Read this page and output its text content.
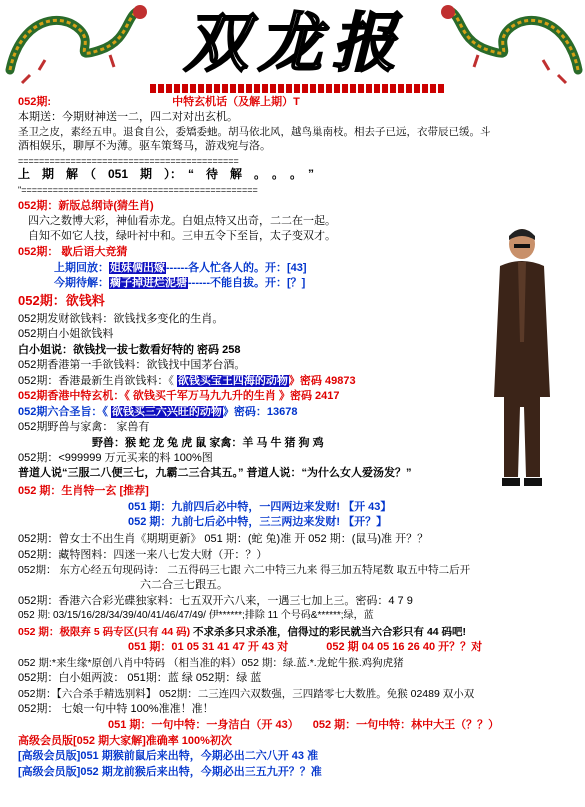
双龙报
052期:	中特玄机话（及解上期）T
本期送：今期财神送一二，四二对对出玄机。
圣卫之皮，素经五申。退食自公，委矯委虵。胡马依北风，越鸟巢南枝。相去子已远，衣带辰已缓。斗
酒相娱乐，聊厚不为薄。驱车策驽马，游戏宛与洛。
==========================================
上　期　解　（　051　期　）：　“　待　解　。　。　。　”
"=============================================
052期：新版总纲诗(猜生肖)
四六之数博大彩，神仙看赤龙。白姐点特又出奇，二二在一起。
自知不如它人技，绿叶衬中和。三申五令下至旨，太子变双才。
052期： 歇后语大竞猜
上期回放：姐妹俩出嫁------各人忙各人的。开：[43]
今期待解：瘸子掉进烂泥塘------不能自拔。开：[？]
052期：欲钱料
052期发财欲钱料：欲钱找多变化的生肖。
052期白小姐欲钱料
白小姐说：欲钱找一拔七数看好特的 密码 258
052期香港第一手欲钱料：欲钱找中国茅台酒。
052期：香港最新生肖欲钱料：《 欲钱买宝王四海的动物》密码 49873
052期香港中特玄机：《 欲钱买千军万马九九升的生肖 》密码 2417
052期六合圣旨：《 欲钱买三六兴旺的动物》密码：13678
052期野兽与家禽： 家兽有
野兽：猴 蛇 龙 兔 虎 鼠 家禽：羊 马 牛 猪 狗 鸡
052期：<999999 万元买来的料 100%图
普道人说“三服二八便三七，九霸二三合其五。” 普道人说：“为什么女人爱汤发？”
052 期：生肖特一玄 [推荐]
051 期：九前四后必中特，一四两边来发财! 【开 43】
052 期：九前七后必中特，三三两边来发财! 【开？】
052期：曾女士不出生肖《期期更新》 051 期：(蛇 兔)准 开 052 期：(鼠马)准 开？？
052期：藏特图料：四迷一来八七发大财（开：？）
052期： 东方心经五句现码诗： 二五得码三七跟 六二中特三九来 得三加五特尾数 取五中特二后开
六二合三七跟五。
052期：香港六合彩光碟独家料：七五双开六八来，一遇三七加上三。密码：4 7 9
052 期: 03/15/16/28/34/39/40/41/46/47/49/ 伊******;排除 11 个号码&******;绿，蓝
052 期：极限弃 5 码专区(只有 44 码) 不求杀多只求杀准，信得过的彩民就当六合彩只有 44 码吧!
051 期：01 05 31 41 47 开 43 对	052 期 04 05 16 26 40 开？？对
052 期:*来生缘*原创八肖中特码 （相当准的料）052 期：绿.蓝.*.龙蛇牛猴.鸡狗虎猪
052期：白小姐两波： 051期：蓝 绿 052期：绿 蓝
052期：【六合杀手精选别料】 052期：二三连四六双数强，三四踏零七大数胜。免猴 02489 双小双
052期： 七娘一句中特 100%准准！准！
051 期：一句中特：一身洁白（开 43） 052 期：一句中特：林中大王（？？）
高级会员版[052 期大家解]准确率 100%初次
[高级会员版]051 期猴前鼠后来出特，今期必出二六八开 43 准
[高级会员版]052 期龙前猴后来出特，今期必出三五九开？？准
